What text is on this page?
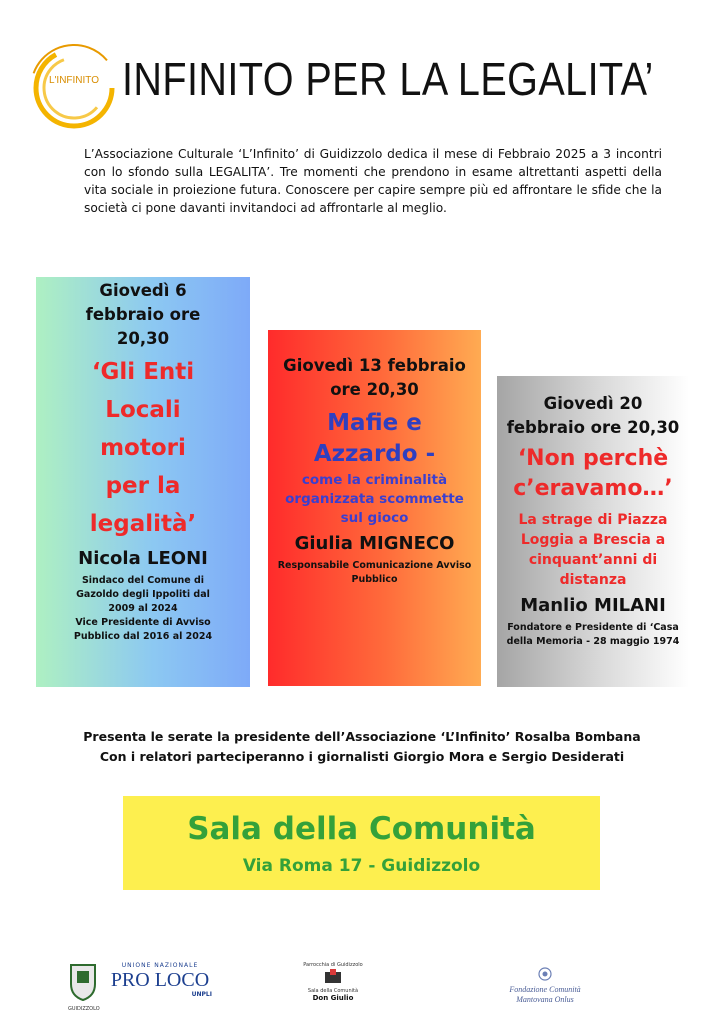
L'INFINITO INFINITO PER LA LEGALITA’
L’Associazione Culturale ‘L’Infinito’ di Guidizzolo dedica il mese di Febbraio 2025 a 3 incontri con lo sfondo sulla LEGALITA’. Tre momenti che prendono in esame altrettanti aspetti della vita sociale in proiezione futura. Conoscere per capire sempre più ed affrontare le sfide che la società ci pone davanti invitandoci ad affrontarle al meglio.
Giovedì 6
febbraio ore
20,30
‘Gli Enti
Locali
motori
per la
legalità’
Nicola LEONI
Sindaco del Comune di
Gazoldo degli Ippoliti dal
2009 al 2024
Vice Presidente di Avviso
Pubblico dal 2016 al 2024
Giovedì 13 febbraio
ore 20,30
Mafie e
Azzardo -
come la criminalità
organizzata scommette
sul gioco
Giulia MIGNECO
Responsabile Comunicazione Avviso
Pubblico
Giovedì 20
febbraio ore 20,30
‘Non perchè
c’eravamo…’
La strage di Piazza
Loggia a Brescia a
cinquant’anni di
distanza
Manlio MILANI
Fondatore e Presidente di ‘Casa
della Memoria - 28 maggio 1974
Presenta le serate la presidente dell’Associazione ‘L’Infinito’ Rosalba Bombana
Con i relatori parteciperanno i giornalisti Giorgio Mora e Sergio Desiderati
Sala della Comunità
Via Roma 17 - Guidizzolo
GUIDIZZOLO
UNIONE NAZIONALE
PRO LOCO
UNPLI
Parrocchia di Guidizzolo
Sala della Comunità
Don Giulio
Fondazione Comunità
Mantovana Onlus
